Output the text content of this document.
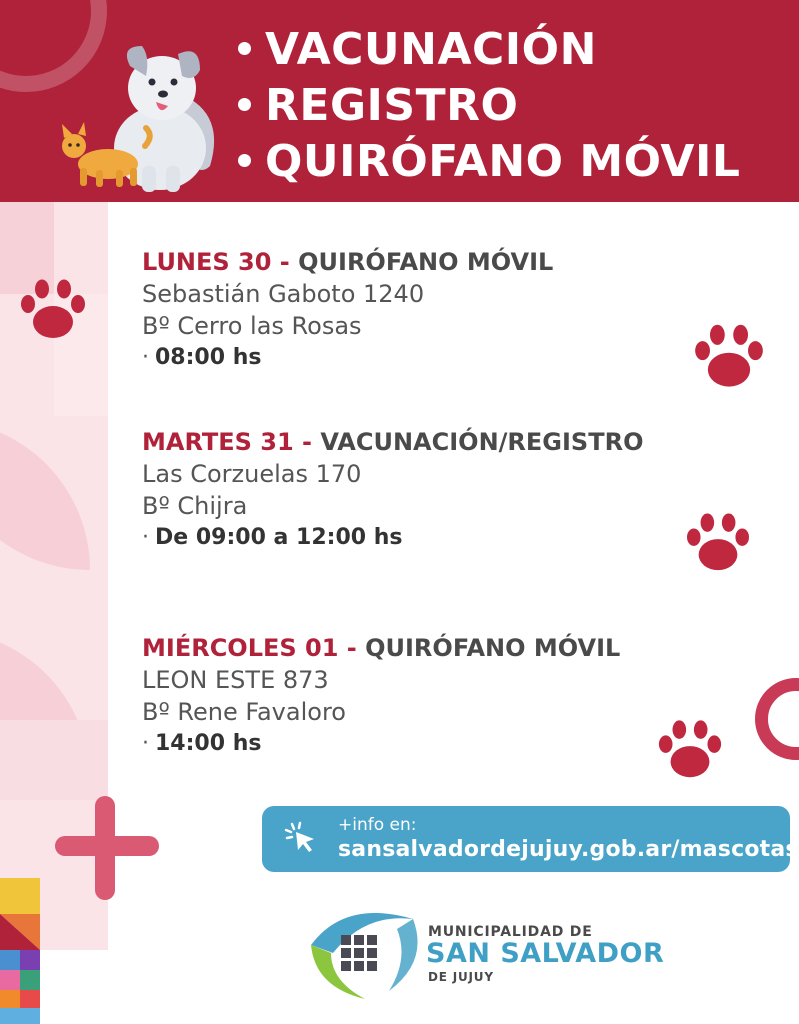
VACUNACIÓN
REGISTRO
QUIRÓFANO MÓVIL
LUNES 30 - QUIRÓFANO MÓVIL
Sebastián Gaboto 1240
Bº Cerro las Rosas
· 08:00 hs
MARTES 31 - VACUNACIÓN/REGISTRO
Las Corzuelas 170
Bº Chijra
· De 09:00 a 12:00 hs
MIÉRCOLES 01 - QUIRÓFANO MÓVIL
LEON ESTE 873
Bº Rene Favaloro
· 14:00 hs
+info en:
sansalvadordejujuy.gob.ar/mascotas
MUNICIPALIDAD DE
SAN SALVADOR
DE JUJUY
